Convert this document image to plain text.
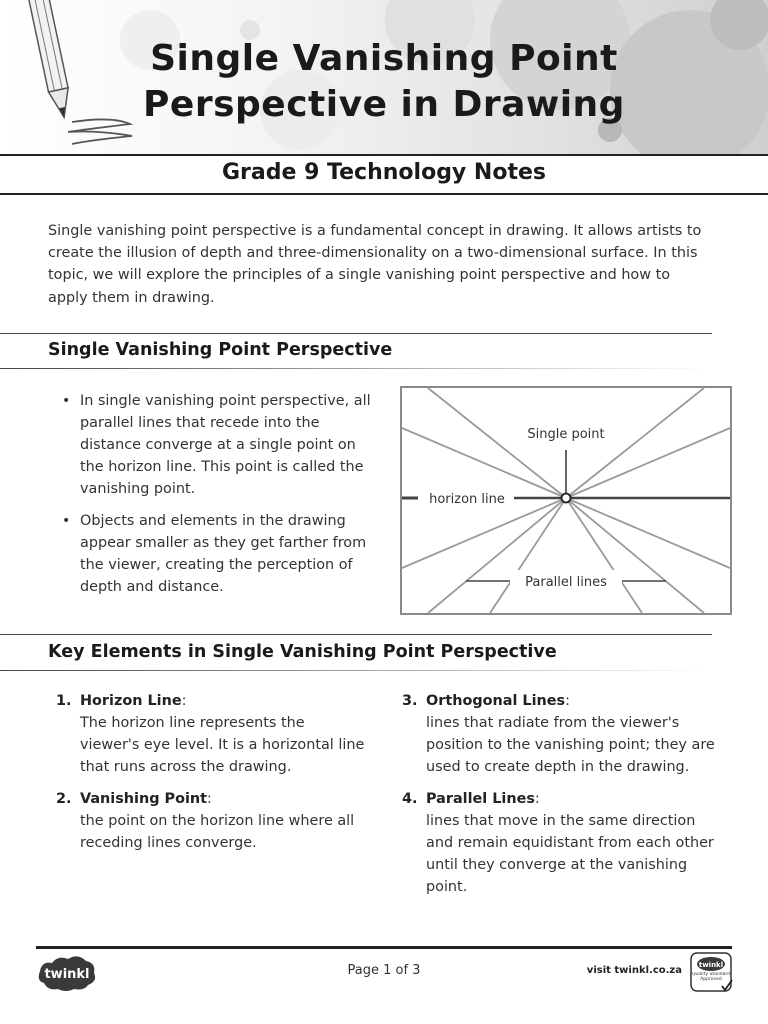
Single Vanishing Point
Perspective in Drawing
Grade 9 Technology Notes
Single vanishing point perspective is a fundamental concept in drawing. It allows artists to create the illusion of depth and three-dimensionality on a two-dimensional surface. In this topic, we will explore the principles of a single vanishing point perspective and how to apply them in drawing.
Single Vanishing Point Perspective
• In single vanishing point perspective, all parallel lines that recede into the distance converge at a single point on the horizon line. This point is called the vanishing point.
• Objects and elements in the drawing appear smaller as they get farther from the viewer, creating the perception of depth and distance.
horizon line
Single point
Parallel lines
Key Elements in Single Vanishing Point Perspective
1. Horizon Line:
The horizon line represents the viewer's eye level. It is a horizontal line that runs across the drawing.
2. Vanishing Point:
the point on the horizon line where all receding lines converge.
3. Orthogonal Lines:
lines that radiate from the viewer's position to the vanishing point; they are used to create depth in the drawing.
4. Parallel Lines:
lines that move in the same direction and remain equidistant from each other until they converge at the vanishing point.
twinkl	Page 1 of 3	visit twinkl.co.za twinkl
Quality Standard Approved
